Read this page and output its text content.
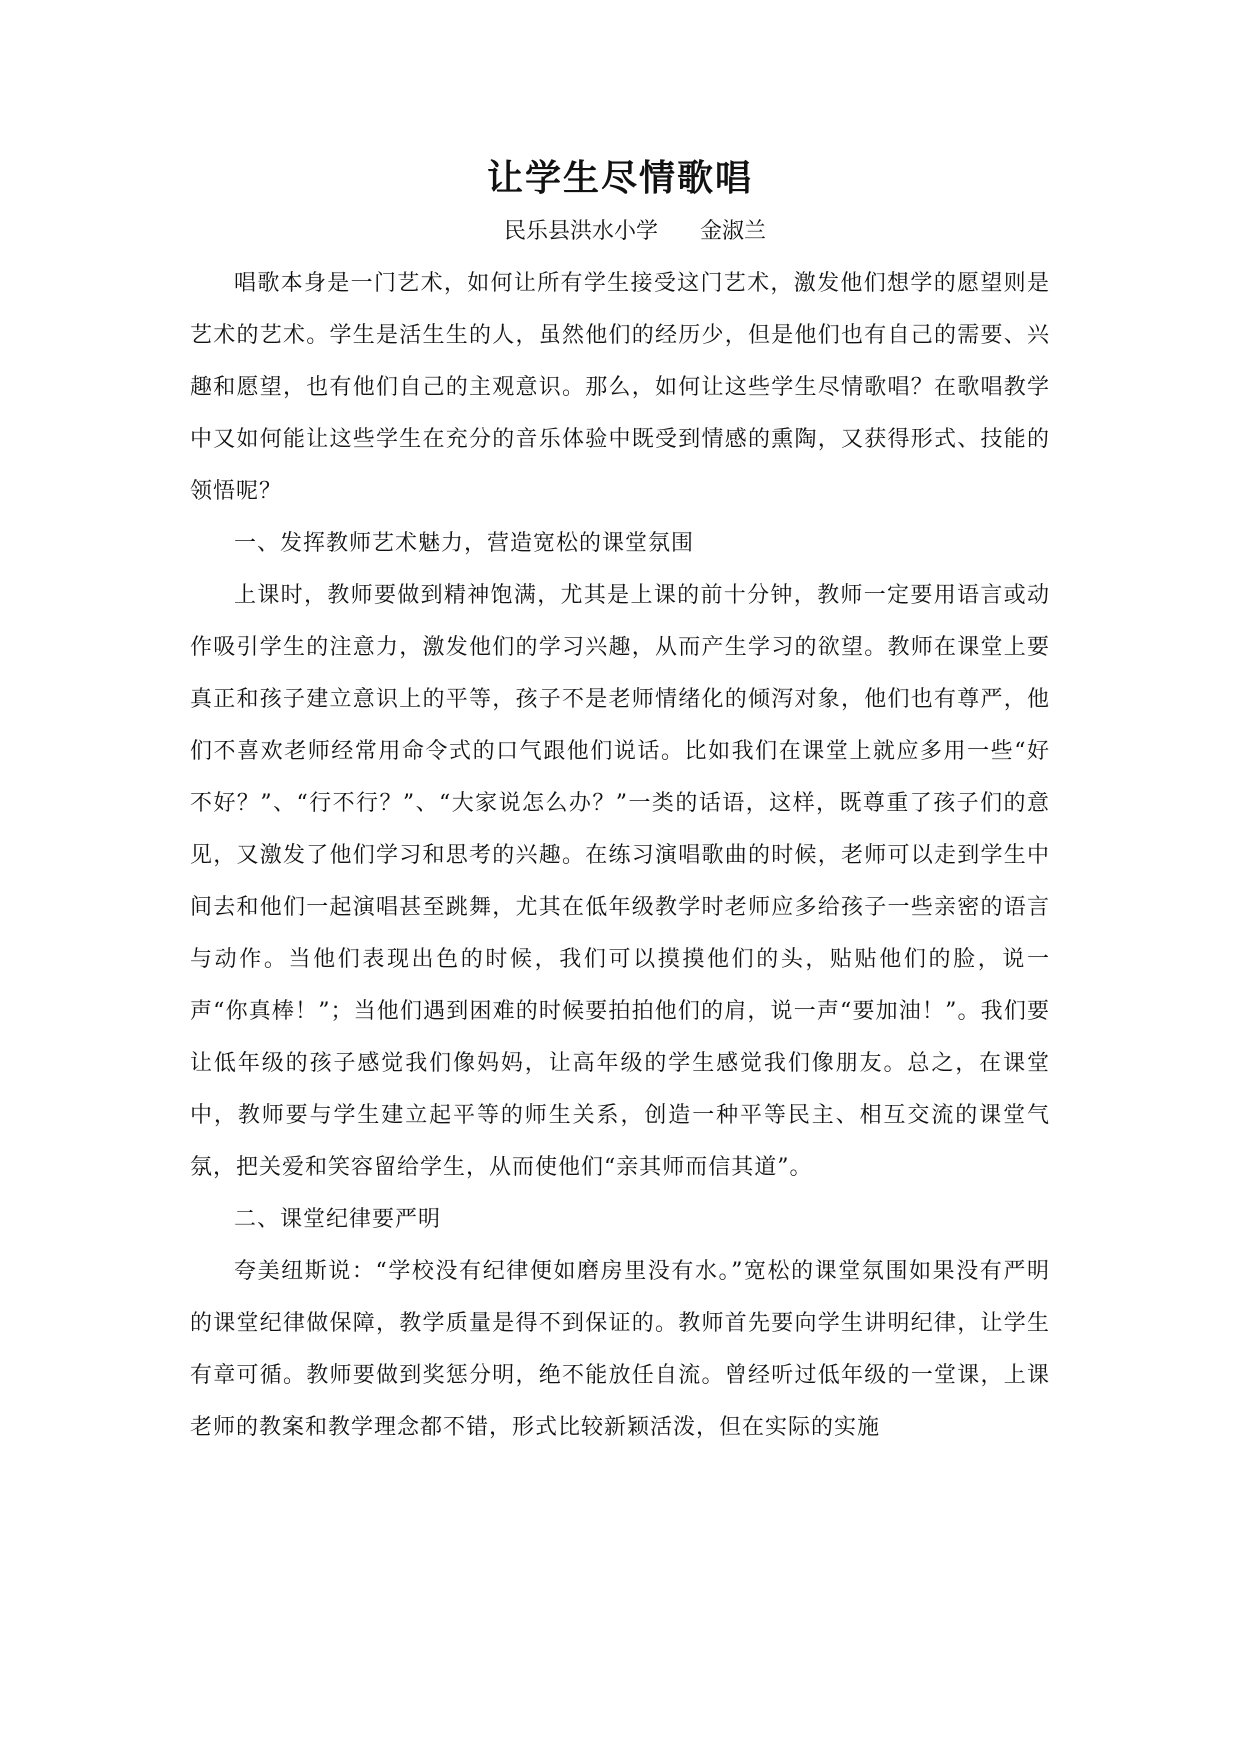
让学生尽情歌唱

民乐县洪水小学 金淑兰

唱歌本身是一门艺术，如何让所有学生接受这门艺术，激发他们想学的愿望则是艺术的艺术。学生是活生生的人，虽然他们的经历少，但是他们也有自己的需要、兴趣和愿望，也有他们自己的主观意识。那么，如何让这些学生尽情歌唱？在歌唱教学中又如何能让这些学生在充分的音乐体验中既受到情感的熏陶，又获得形式、技能的领悟呢？

一、发挥教师艺术魅力，营造宽松的课堂氛围

上课时，教师要做到精神饱满，尤其是上课的前十分钟，教师一定要用语言或动作吸引学生的注意力，激发他们的学习兴趣，从而产生学习的欲望。教师在课堂上要真正和孩子建立意识上的平等，孩子不是老师情绪化的倾泻对象，他们也有尊严，他们不喜欢老师经常用命令式的口气跟他们说话。比如我们在课堂上就应多用一些“好不好？”、“行不行？”、“大家说怎么办？”一类的话语，这样，既尊重了孩子们的意见，又激发了他们学习和思考的兴趣。在练习演唱歌曲的时候，老师可以走到学生中间去和他们一起演唱甚至跳舞，尤其在低年级教学时老师应多给孩子一些亲密的语言与动作。当他们表现出色的时候，我们可以摸摸他们的头，贴贴他们的脸，说一声“你真棒！”；当他们遇到困难的时候要拍拍他们的肩，说一声“要加油！”。我们要让低年级的孩子感觉我们像妈妈，让高年级的学生感觉我们像朋友。总之，在课堂中，教师要与学生建立起平等的师生关系，创造一种平等民主、相互交流的课堂气氛，把关爱和笑容留给学生，从而使他们“亲其师而信其道”。

二、课堂纪律要严明

夸美纽斯说：“学校没有纪律便如磨房里没有水。”宽松的课堂氛围如果没有严明的课堂纪律做保障，教学质量是得不到保证的。教师首先要向学生讲明纪律，让学生有章可循。教师要做到奖惩分明，绝不能放任自流。曾经听过低年级的一堂课，上课老师的教案和教学理念都不错，形式比较新颖活泼，但在实际的实施
